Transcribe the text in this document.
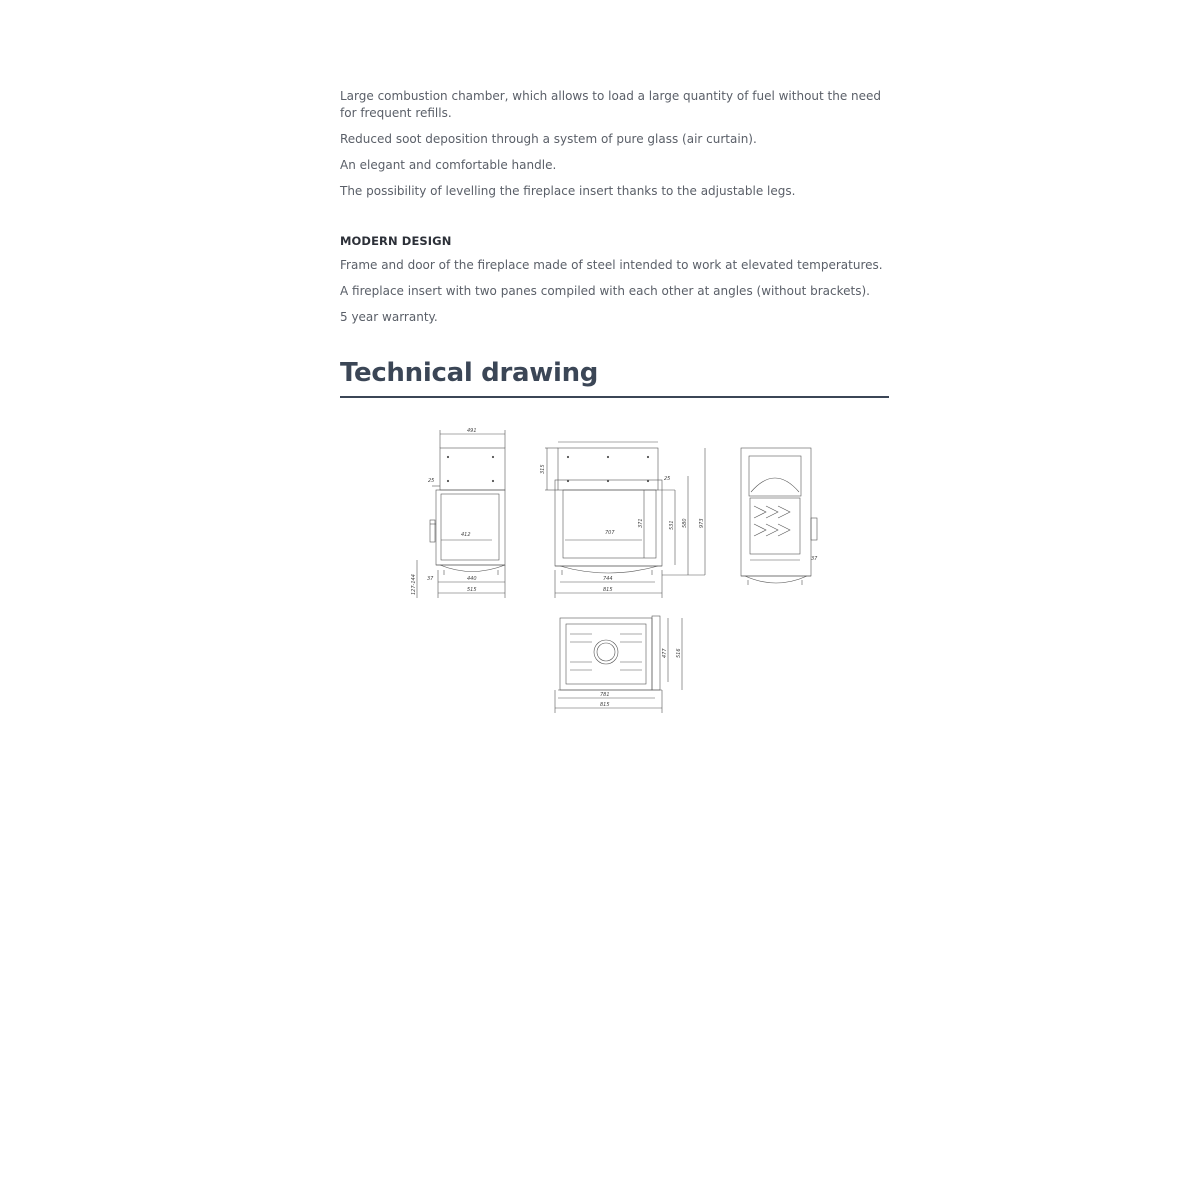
Large combustion chamber, which allows to load a large quantity of fuel without the need for frequent refills.

Reduced soot deposition through a system of pure glass (air curtain).

An elegant and comfortable handle.

The possibility of levelling the fireplace insert thanks to the adjustable legs.

MODERN DESIGN

Frame and door of the fireplace made of steel intended to work at elevated temperatures.

A fireplace insert with two panes compiled with each other at angles (without brackets).

5 year warranty.

Technical drawing
491
25
412
37	440
515
127-144
315
25
707
371	531 580 973
744
815
37
781
815
477 516
